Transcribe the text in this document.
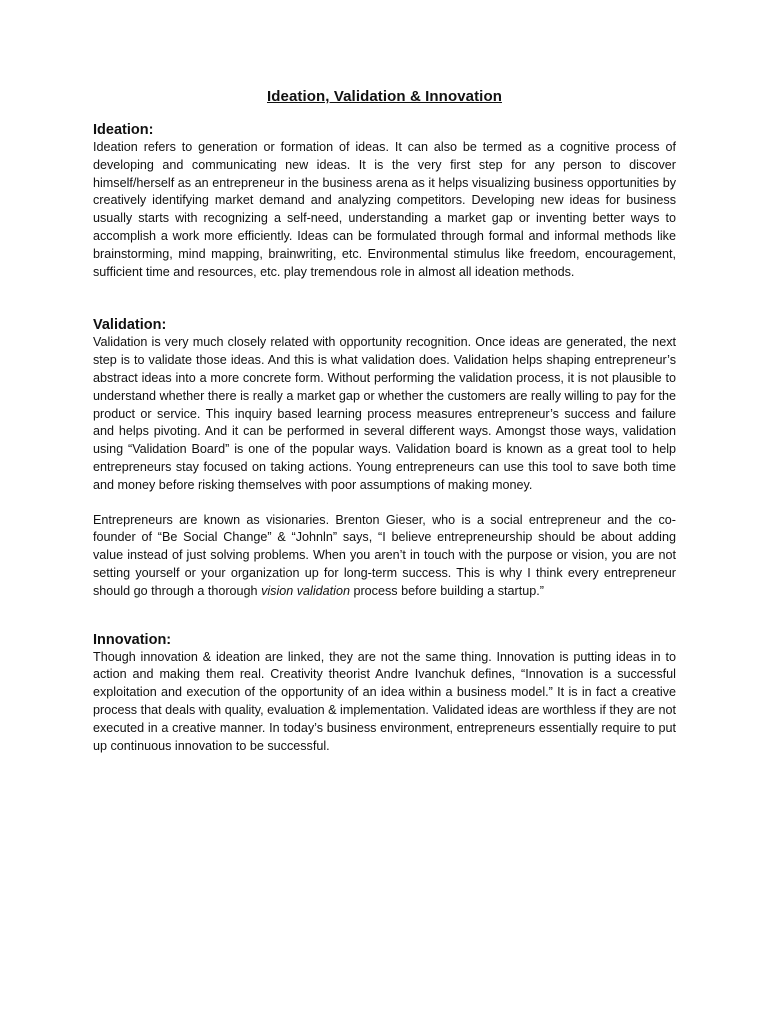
Ideation, Validation & Innovation
Ideation:

Ideation refers to generation or formation of ideas. It can also be termed as a cognitive process of developing and communicating new ideas. It is the very first step for any person to discover himself/herself as an entrepreneur in the business arena as it helps visualizing business opportunities by creatively identifying market demand and analyzing competitors. Developing new ideas for business usually starts with recognizing a self-need, understanding a market gap or inventing better ways to accomplish a work more efficiently. Ideas can be formulated through formal and informal methods like brainstorming, mind mapping, brainwriting, etc. Environmental stimulus like freedom, encouragement, sufficient time and resources, etc. play tremendous role in almost all ideation methods.

Validation:

Validation is very much closely related with opportunity recognition. Once ideas are generated, the next step is to validate those ideas. And this is what validation does. Validation helps shaping entrepreneur’s abstract ideas into a more concrete form. Without performing the validation process, it is not plausible to understand whether there is really a market gap or whether the customers are really willing to pay for the product or service. This inquiry based learning process measures entrepreneur’s success and failure and helps pivoting. And it can be performed in several different ways. Amongst those ways, validation using “Validation Board” is one of the popular ways. Validation board is known as a great tool to help entrepreneurs stay focused on taking actions. Young entrepreneurs can use this tool to save both time and money before risking themselves with poor assumptions of making money.

Entrepreneurs are known as visionaries. Brenton Gieser, who is a social entrepreneur and the co-founder of “Be Social Change” & “Johnln” says, “I believe entrepreneurship should be about adding value instead of just solving problems. When you aren’t in touch with the purpose or vision, you are not setting yourself or your organization up for long-term success. This is why I think every entrepreneur should go through a thorough vision validation process before building a startup.”

Innovation:

Though innovation & ideation are linked, they are not the same thing. Innovation is putting ideas in to action and making them real. Creativity theorist Andre Ivanchuk defines, “Innovation is a successful exploitation and execution of the opportunity of an idea within a business model.” It is in fact a creative process that deals with quality, evaluation & implementation. Validated ideas are worthless if they are not executed in a creative manner. In today’s business environment, entrepreneurs essentially require to put up continuous innovation to be successful.
